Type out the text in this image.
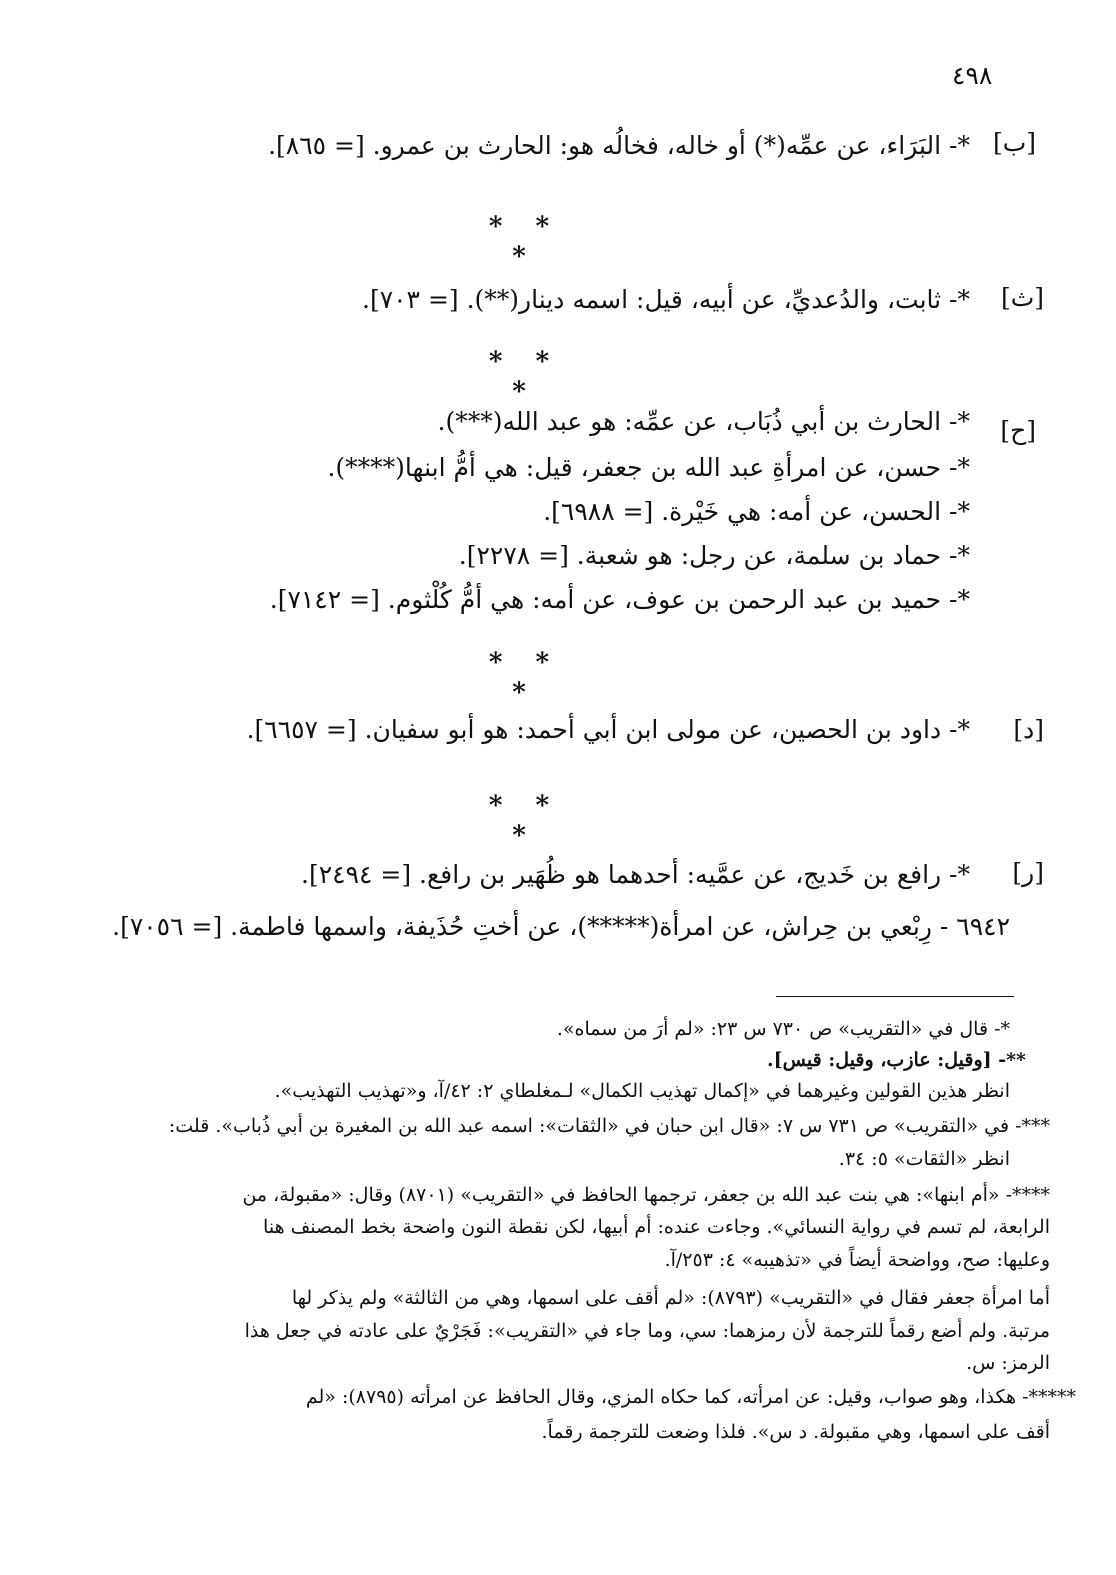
٤٩٨
[ب]
*- البَرَاء، عن عمِّه(*) أو خاله، فخالُه هو: الحارث بن عمرو. [= ٨٦٥].
* * *
[ث]
*- ثابت، والدُعديِّ، عن أبيه، قيل: اسمه دينار(**). [= ٧٠٣].
* * *
[ح]
*- الحارث بن أبي ذُبَاب، عن عمِّه: هو عبد الله(***).
*- حسن، عن امرأةِ عبد الله بن جعفر، قيل: هي أمُّ ابنها(****).
*- الحسن، عن أمه: هي خَيْرة. [= ٦٩٨٨].
*- حماد بن سلمة، عن رجل: هو شعبة. [= ٢٢٧٨].
*- حميد بن عبد الرحمن بن عوف، عن أمه: هي أمُّ كُلْثوم. [= ٧١٤٢].
* * *
[د]
*- داود بن الحصين، عن مولى ابن أبي أحمد: هو أبو سفيان. [= ٦٦٥٧].
* * *
[ر]
*- رافع بن خَديج، عن عمَّيه: أحدهما هو ظُهَير بن رافع. [= ٢٤٩٤].
٦٩٤٢ - رِبْعي بن حِراش، عن امرأة(*****)، عن أختِ حُذَيفة، واسمها فاطمة. [= ٧٠٥٦].
*- قال في «التقريب» ص ٧٣٠ س ٢٣: «لم أرَ من سماه».
**- [وقيل: عازب، وقيل: قيس].
انظر هذين القولين وغيرهما في «إكمال تهذيب الكمال» لـمغلطاي ٢: ٤٢/آ، و«تهذيب التهذيب».
***- في «التقريب» ص ٧٣١ س ٧: «قال ابن حبان في «الثقات»: اسمه عبد الله بن المغيرة بن أبي ذُباب». قلت:
انظر «الثقات» ٥: ٣٤.
****- «أم ابنها»: هي بنت عبد الله بن جعفر، ترجمها الحافظ في «التقريب» (٨٧٠١) وقال: «مقبولة، من
الرابعة، لم تسم في رواية النسائي». وجاءت عنده: أم أبيها، لكن نقطة النون واضحة بخط المصنف هنا
وعليها: صح، وواضحة أيضاً في «تذهيبه» ٤: ٢٥٣/آ.
أما امرأة جعفر فقال في «التقريب» (٨٧٩٣): «لم أقف على اسمها، وهي من الثالثة» ولم يذكر لها
مرتبة. ولم أضع رقماً للترجمة لأن رمزهما: سي، وما جاء في «التقريب»: فَجَرْيٌ على عادته في جعل هذا
الرمز: س.
*****- هكذا، وهو صواب، وقيل: عن امرأته، كما حكاه المزي، وقال الحافظ عن امرأته (٨٧٩٥): «لم
أقف على اسمها، وهي مقبولة. د س». فلذا وضعت للترجمة رقماً.
